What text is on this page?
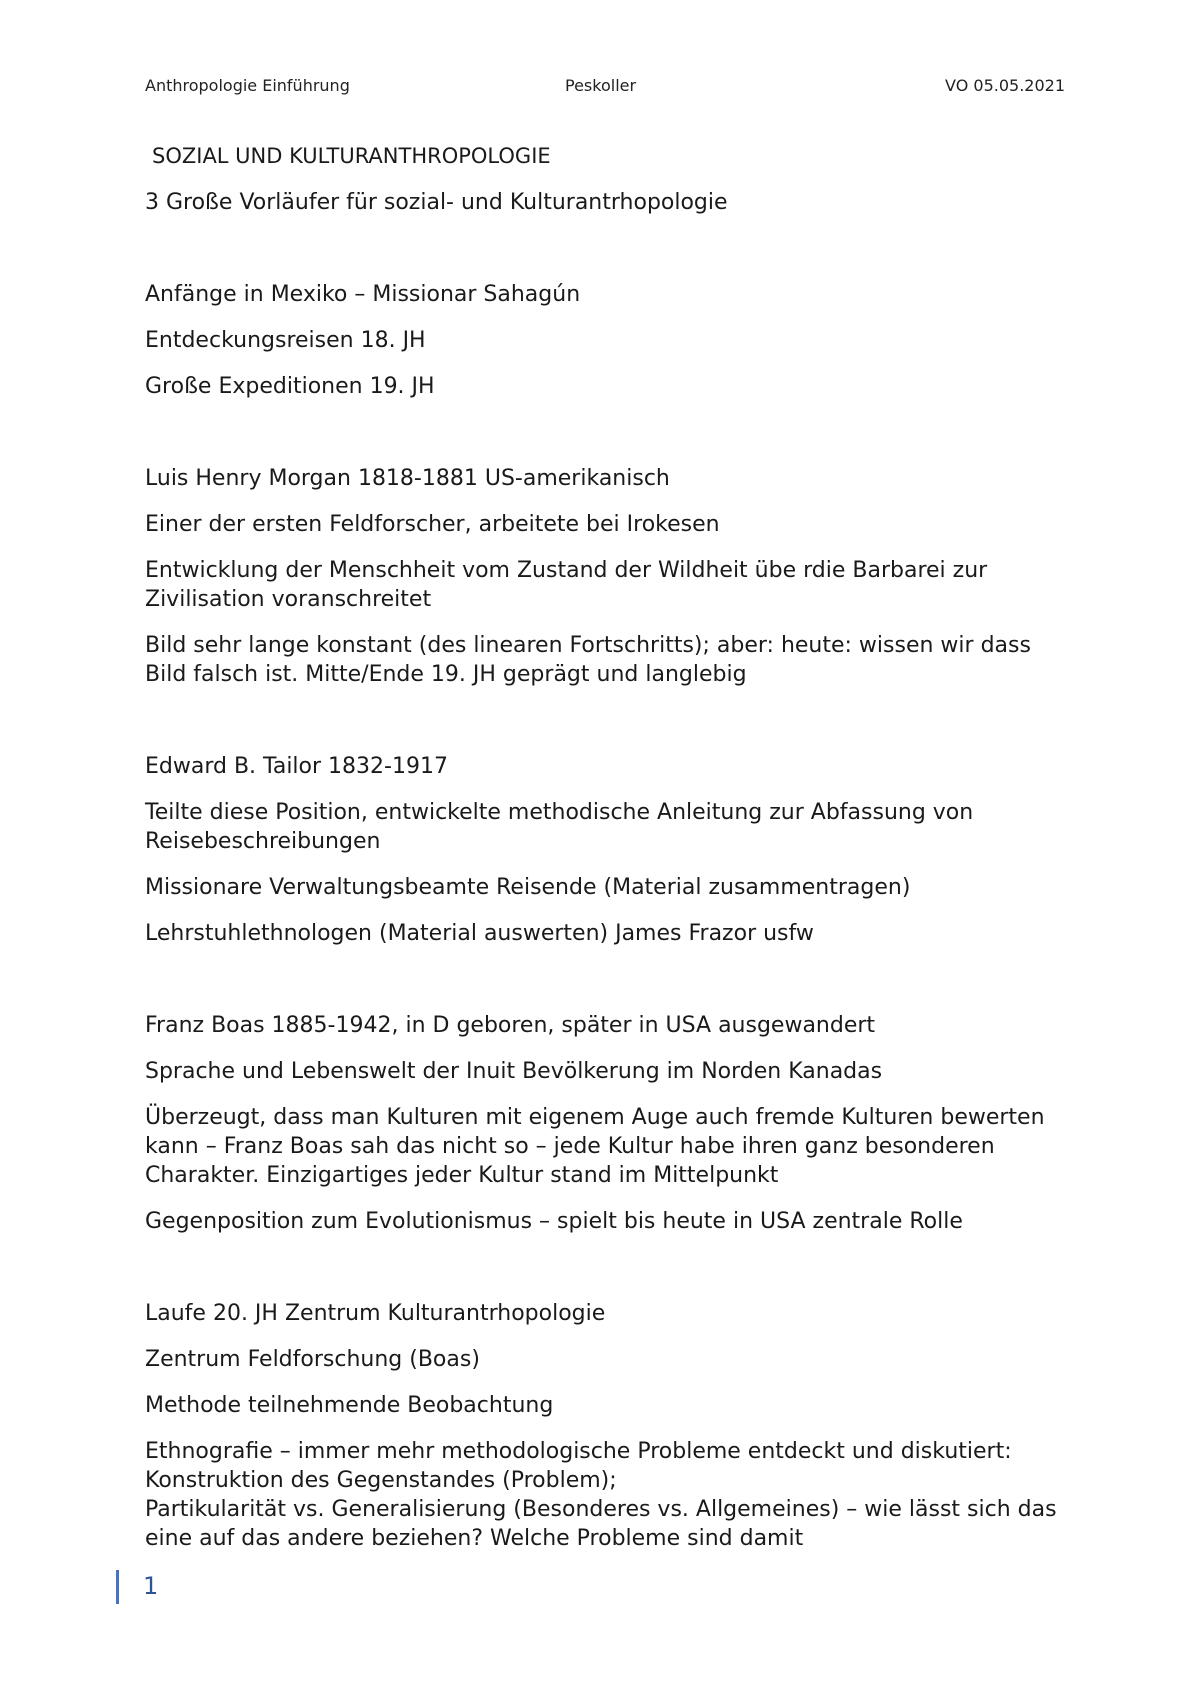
Anthropologie Einführung	Peskoller	VO 05.05.2021

SOZIAL UND KULTURANTHROPOLOGIE

3 Große Vorläufer für sozial- und Kulturantrhopologie

Anfänge in Mexiko – Missionar Sahagún

Entdeckungsreisen 18. JH

Große Expeditionen 19. JH

Luis Henry Morgan 1818-1881 US-amerikanisch

Einer der ersten Feldforscher, arbeitete bei Irokesen

Entwicklung der Menschheit vom Zustand der Wildheit übe rdie Barbarei zur Zivilisation voranschreitet

Bild sehr lange konstant (des linearen Fortschritts); aber: heute: wissen wir dass Bild falsch ist. Mitte/Ende 19. JH geprägt und langlebig

Edward B. Tailor 1832-1917

Teilte diese Position, entwickelte methodische Anleitung zur Abfassung von Reisebeschreibungen

Missionare Verwaltungsbeamte Reisende (Material zusammentragen)

Lehrstuhlethnologen (Material auswerten) James Frazor usfw

Franz Boas 1885-1942, in D geboren, später in USA ausgewandert

Sprache und Lebenswelt der Inuit Bevölkerung im Norden Kanadas

Überzeugt, dass man Kulturen mit eigenem Auge auch fremde Kulturen bewerten kann – Franz Boas sah das nicht so – jede Kultur habe ihren ganz besonderen Charakter. Einzigartiges jeder Kultur stand im Mittelpunkt

Gegenposition zum Evolutionismus – spielt bis heute in USA zentrale Rolle

Laufe 20. JH Zentrum Kulturantrhopologie

Zentrum Feldforschung (Boas)

Methode teilnehmende Beobachtung

Ethnografie – immer mehr methodologische Probleme entdeckt und diskutiert: Konstruktion des Gegenstandes (Problem);

Partikularität vs. Generalisierung (Besonderes vs. Allgemeines) – wie lässt sich das eine auf das andere beziehen? Welche Probleme sind damit

1
